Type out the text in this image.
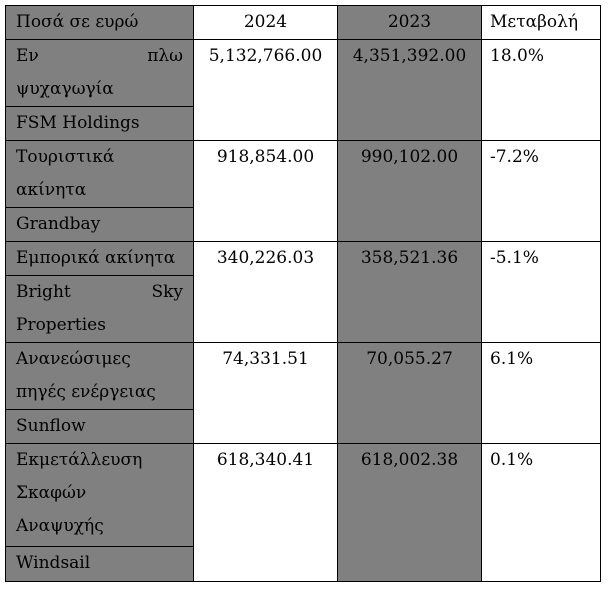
Ποσά σε ευρώ	2024	2023	Μεταβολή
Εν	πλω
ψυχαγωγία
FSM Holdings
5,132,766.00	4,351,392.00	18.0%
Τουριστικά
ακίνητα
Grandbay
918,854.00	990,102.00	-7.2%
Εμπορικά ακίνητα
Bright	Sky
Properties
340,226.03	358,521.36	-5.1%
Ανανεώσιμες
πηγές ενέργειας
Sunflow
74,331.51	70,055.27	6.1%
Εκμετάλλευση
Σκαφών
Αναψυχής
Windsail
618,340.41	618,002.38	0.1%
